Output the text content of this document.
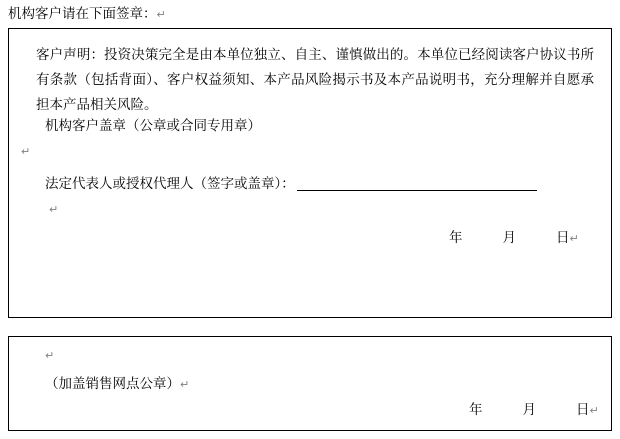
机构客户请在下面签章：↵
客户声明：投资决策完全是由本单位独立、自主、谨慎做出的。本单位已经阅读客户协议书所有条款（包括背面）、客户权益须知、本产品风险揭示书及本产品说明书，充分理解并自愿承担本产品相关风险。
机构客户盖章（公章或合同专用章）
↵
法定代表人或授权代理人（签字或盖章）：
↵
年	月	日↵
↵
（加盖销售网点公章）↵
年	月	日↵
